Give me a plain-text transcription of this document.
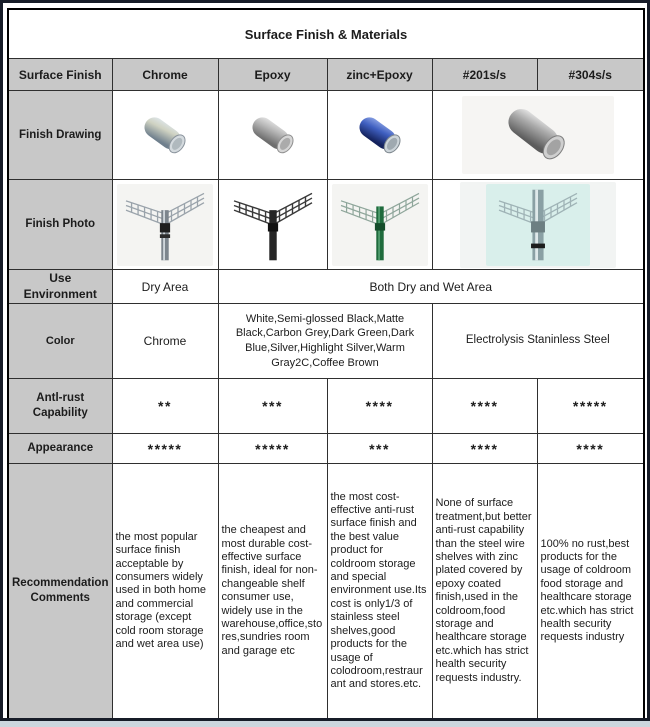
Surface Finish & Materials					
Surface Finish	Chrome	Epoxy	zinc+Epoxy	#201s/s	#304s/s
Finish Drawing				
Finish Photo				
Use Environment	Dry Area	Both Dry and Wet Area			
Color	Chrome	White,Semi-glossed Black,Matte Black,Carbon Grey,Dark Green,Dark Blue,Silver,Highlight Silver,Warm Gray2C,Coffee Brown		Electrolysis Staninless Steel	
Antl-rust Capability	**	***	****	****	*****
Appearance	*****	*****	***	****	****
Recommendation Comments	the most popular surface finish acceptable by consumers widely used in both home and commercial storage (except cold room storage and wet area use)	the cheapest and most durable cost-effective surface finish, ideal for non-changeable shelf consumer use, widely use in the warehouse,office,stores,sundries room and garage etc	the most cost-effective anti-rust surface finish and the best value product for coldroom storage and special environment use.Its cost is only1/3 of stainless steel shelves,good products for the usage of colodroom,restraurant and stores.etc.	None of surface treatment,but better anti-rust capability than the steel wire shelves with zinc plated covered by epoxy coated finish,used in the coldroom,food storage and healthcare storage etc.which has strict health security requests industry.	100% no rust,best products for the usage of coldroom food storage and healthcare storage etc.which has strict health security requests industry
